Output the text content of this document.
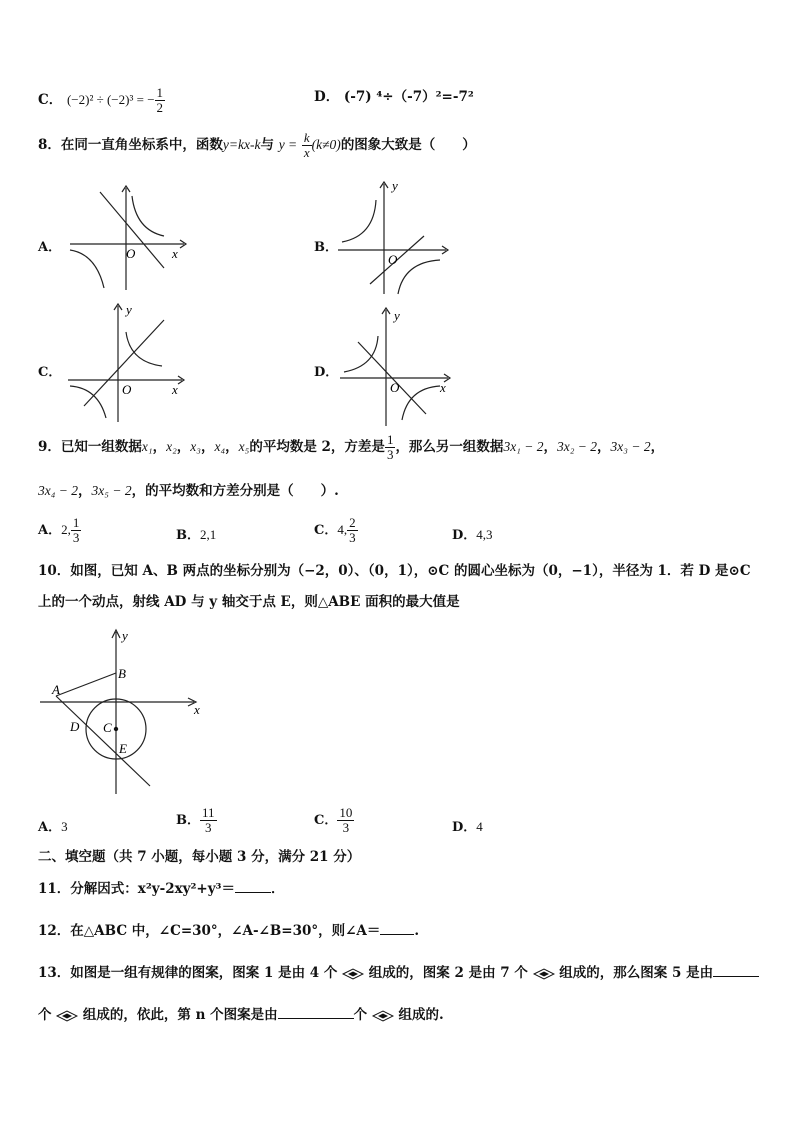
C． (−2)² ÷ (−2)³ = − $\frac{1}{2}$	D． (-7) ⁴÷（-7）²=-7²
8．在同一直角坐标系中，函数y=kx-k与 $y = \frac{k}{x} (k\ne 0)$的图象大致是（　　）
A．	B．
C．	D．
O	x
y
O
y
O	x
y
O	x
9．已知一组数据x₁，x₂，x₃，x₄，x₅的平均数是 2，方差是 $\frac{1}{3}$ ，那么另一组数据3x₁ − 2，3x₂ − 2，3x₃ − 2，
3x₄ − 2，3x₅ − 2，的平均数和方差分别是（　　）.
A．2, $\frac{1}{3}$	B．2,1	C．4, $\frac{2}{3}$	D．4,3
10．如图，已知 A、B 两点的坐标分别为（−2，0）、（0，1），⊙C 的圆心坐标为（0，−1），半径为 1．若 D 是⊙C
上的一个动点，射线 AD 与 y 轴交于点 E，则△ABE 面积的最大值是
A
B
C
D
E
x
y
A．3	B． $\frac{11}{3}$	C． $\frac{10}{3}$	D．4
二、填空题（共 7 小题，每小题 3 分，满分 21 分）
11．分解因式：x²y-2xy²+y³＝	．
12．在△ABC 中，∠C=30°，∠A-∠B=30°，则∠A＝	.
13．如图是一组有规律的图案，图案 1 是由 4 个 组成的，图案 2 是由 7 个 组成的，那么图案 5 是由
个 组成的，依此，第 n 个图案是由	个 组成的.
